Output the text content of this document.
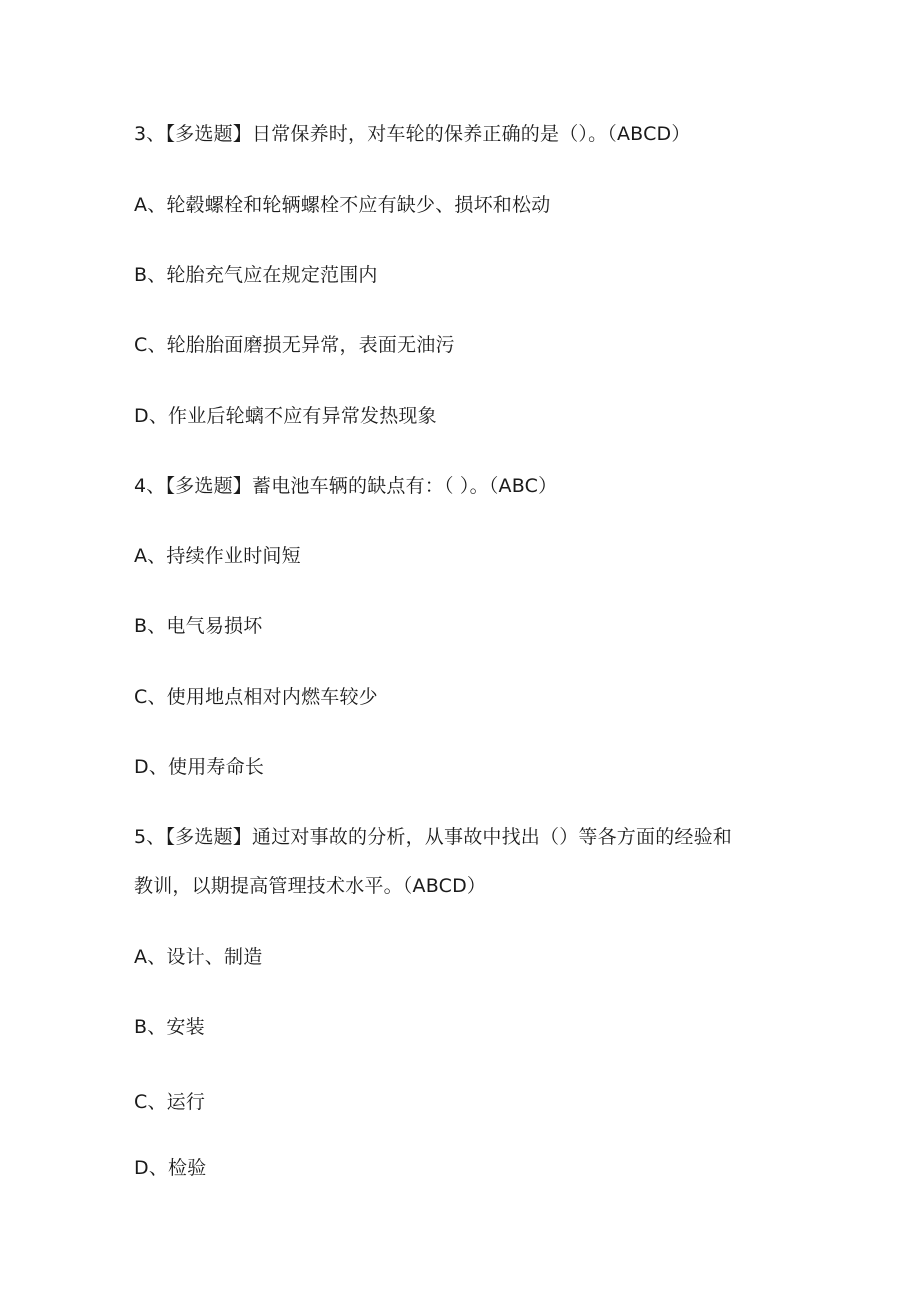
3、【多选题】日常保养时，对车轮的保养正确的是（）。（ABCD）
A、轮毂螺栓和轮辆螺栓不应有缺少、损坏和松动
B、轮胎充气应在规定范围内
C、轮胎胎面磨损无异常，表面无油污
D、作业后轮螭不应有异常发热现象
4、【多选题】蓄电池车辆的缺点有：（ ）。（ABC）
A、持续作业时间短
B、电气易损坏
C、使用地点相对内燃车较少
D、使用寿命长
5、【多选题】通过对事故的分析，从事故中找出（）等各方面的经验和
教训，以期提高管理技术水平。（ABCD）
A、设计、制造
B、安装
C、运行
D、检验
